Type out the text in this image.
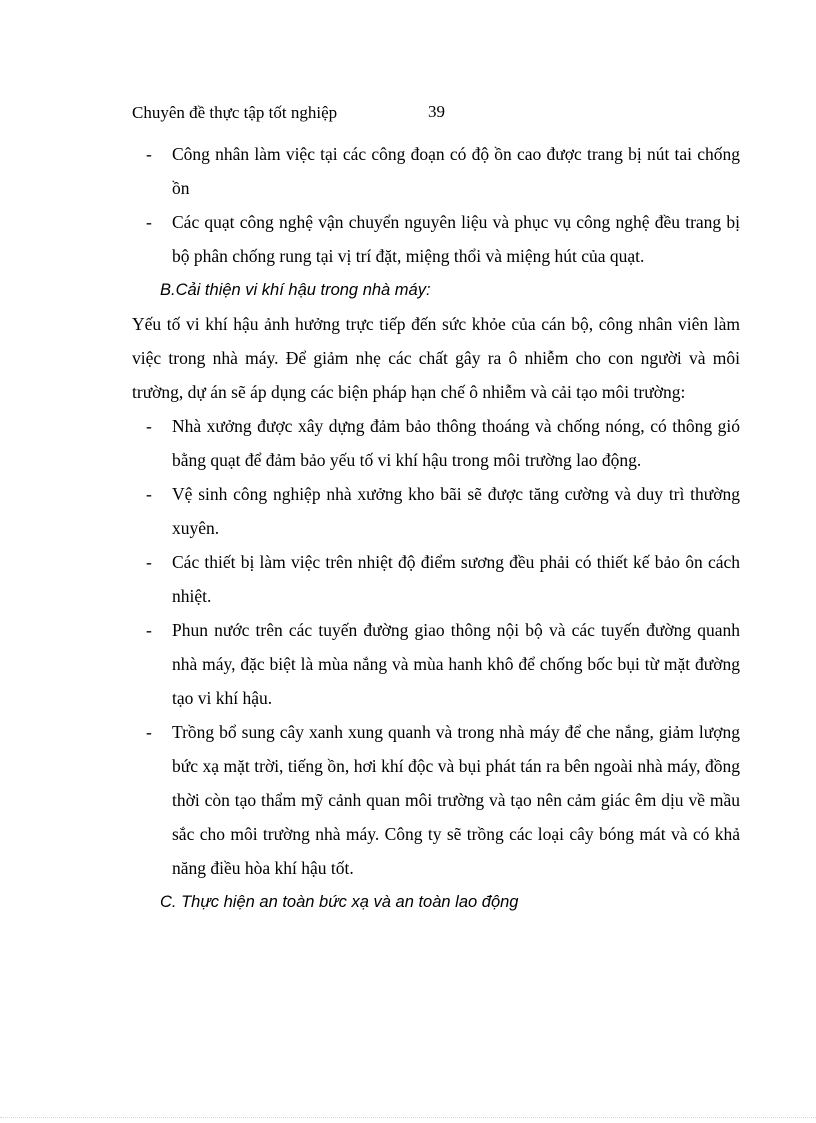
Chuyên đề thực tập tốt nghiệp	39
- Công nhân làm việc tại các công đoạn có độ ồn cao được trang bị nút tai chống ồn
- Các quạt công nghệ vận chuyển nguyên liệu và phục vụ công nghệ đều trang bị bộ phân chống rung tại vị trí đặt, miệng thổi và miệng hút của quạt.
B.Cải thiện vi khí hậu trong nhà máy:
Yếu tố vi khí hậu ảnh hưởng trực tiếp đến sức khỏe của cán bộ, công nhân viên làm việc trong nhà máy. Để giảm nhẹ các chất gây ra ô nhiễm cho con người và môi trường, dự án sẽ áp dụng các biện pháp hạn chế ô nhiễm và cải tạo môi trường:
- Nhà xưởng được xây dựng đảm bảo thông thoáng và chống nóng, có thông gió bằng quạt để đảm bảo yếu tố vi khí hậu trong môi trường lao động.
- Vệ sinh công nghiệp nhà xưởng kho bãi sẽ được tăng cường và duy trì thường xuyên.
- Các thiết bị làm việc trên nhiệt độ điểm sương đều phải có thiết kế bảo ôn cách nhiệt.
- Phun nước trên các tuyến đường giao thông nội bộ và các tuyến đường quanh nhà máy, đặc biệt là mùa nắng và mùa hanh khô để chống bốc bụi từ mặt đường tạo vi khí hậu.
- Trồng bổ sung cây xanh xung quanh và trong nhà máy để che nắng, giảm lượng bức xạ mặt trời, tiếng ồn, hơi khí độc và bụi phát tán ra bên ngoài nhà máy, đồng thời còn tạo thẩm mỹ cảnh quan môi trường và tạo nên cảm giác êm dịu về mầu sắc cho môi trường nhà máy. Công ty sẽ trồng các loại cây bóng mát và có khả năng điều hòa khí hậu tốt.
C. Thực hiện an toàn bức xạ và an toàn lao động
